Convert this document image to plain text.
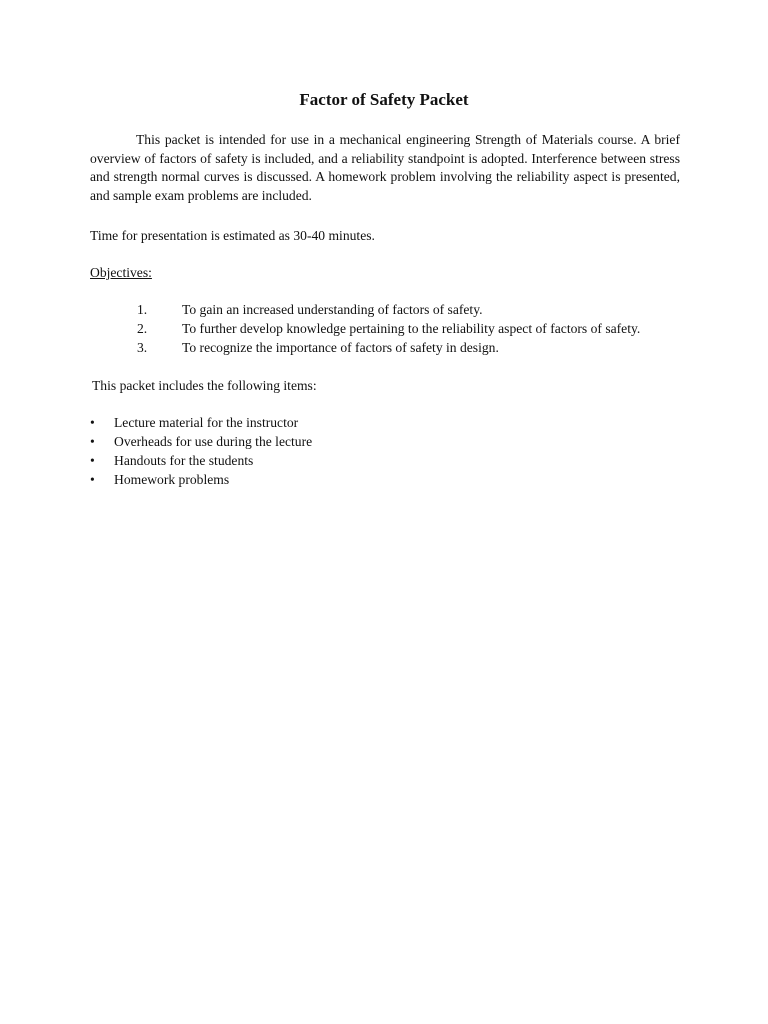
Factor of Safety Packet

This packet is intended for use in a mechanical engineering Strength of Materials course. A brief overview of factors of safety is included, and a reliability standpoint is adopted. Interference between stress and strength normal curves is discussed. A homework problem involving the reliability aspect is presented, and sample exam problems are included.

Time for presentation is estimated as 30-40 minutes.

Objectives:

1.	To gain an increased understanding of factors of safety.
2.	To further develop knowledge pertaining to the reliability aspect of factors of safety.
3.	To recognize the importance of factors of safety in design.

This packet includes the following items:

• Lecture material for the instructor
• Overheads for use during the lecture
• Handouts for the students
• Homework problems
